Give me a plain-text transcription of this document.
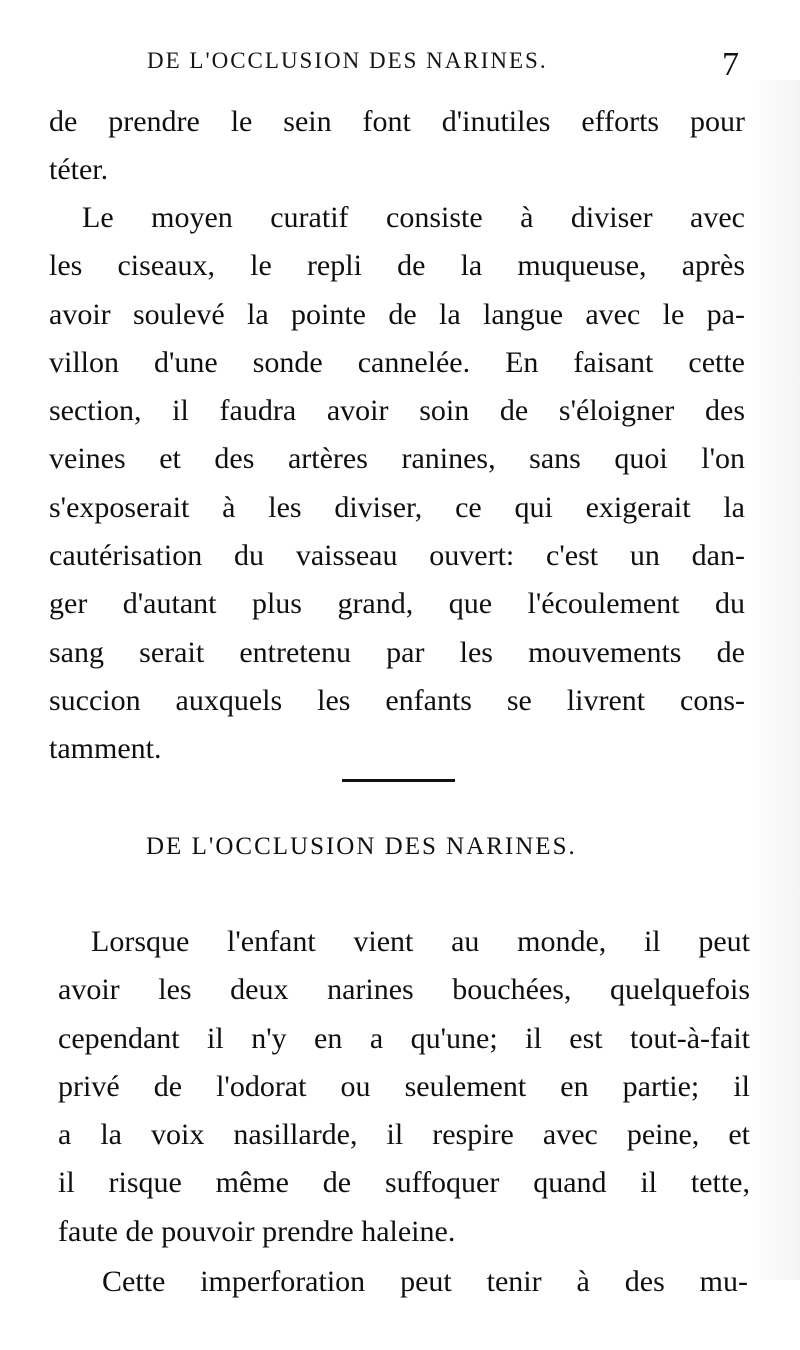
DE L'OCCLUSION DES NARINES.	7
de prendre le sein font d'inutiles efforts pour
téter.
Le moyen curatif consiste à diviser avec
les ciseaux, le repli de la muqueuse, après
avoir soulevé la pointe de la langue avec le pa-
villon d'une sonde cannelée. En faisant cette
section, il faudra avoir soin de s'éloigner des
veines et des artères ranines, sans quoi l'on
s'exposerait à les diviser, ce qui exigerait la
cautérisation du vaisseau ouvert: c'est un dan-
ger d'autant plus grand, que l'écoulement du
sang serait entretenu par les mouvements de
succion auxquels les enfants se livrent cons-
tamment.
DE L'OCCLUSION DES NARINES.
Lorsque l'enfant vient au monde, il peut
avoir les deux narines bouchées, quelquefois
cependant il n'y en a qu'une; il est tout-à-fait
privé de l'odorat ou seulement en partie; il
a la voix nasillarde, il respire avec peine, et
il risque même de suffoquer quand il tette,
faute de pouvoir prendre haleine.
Cette imperforation peut tenir à des mu-
